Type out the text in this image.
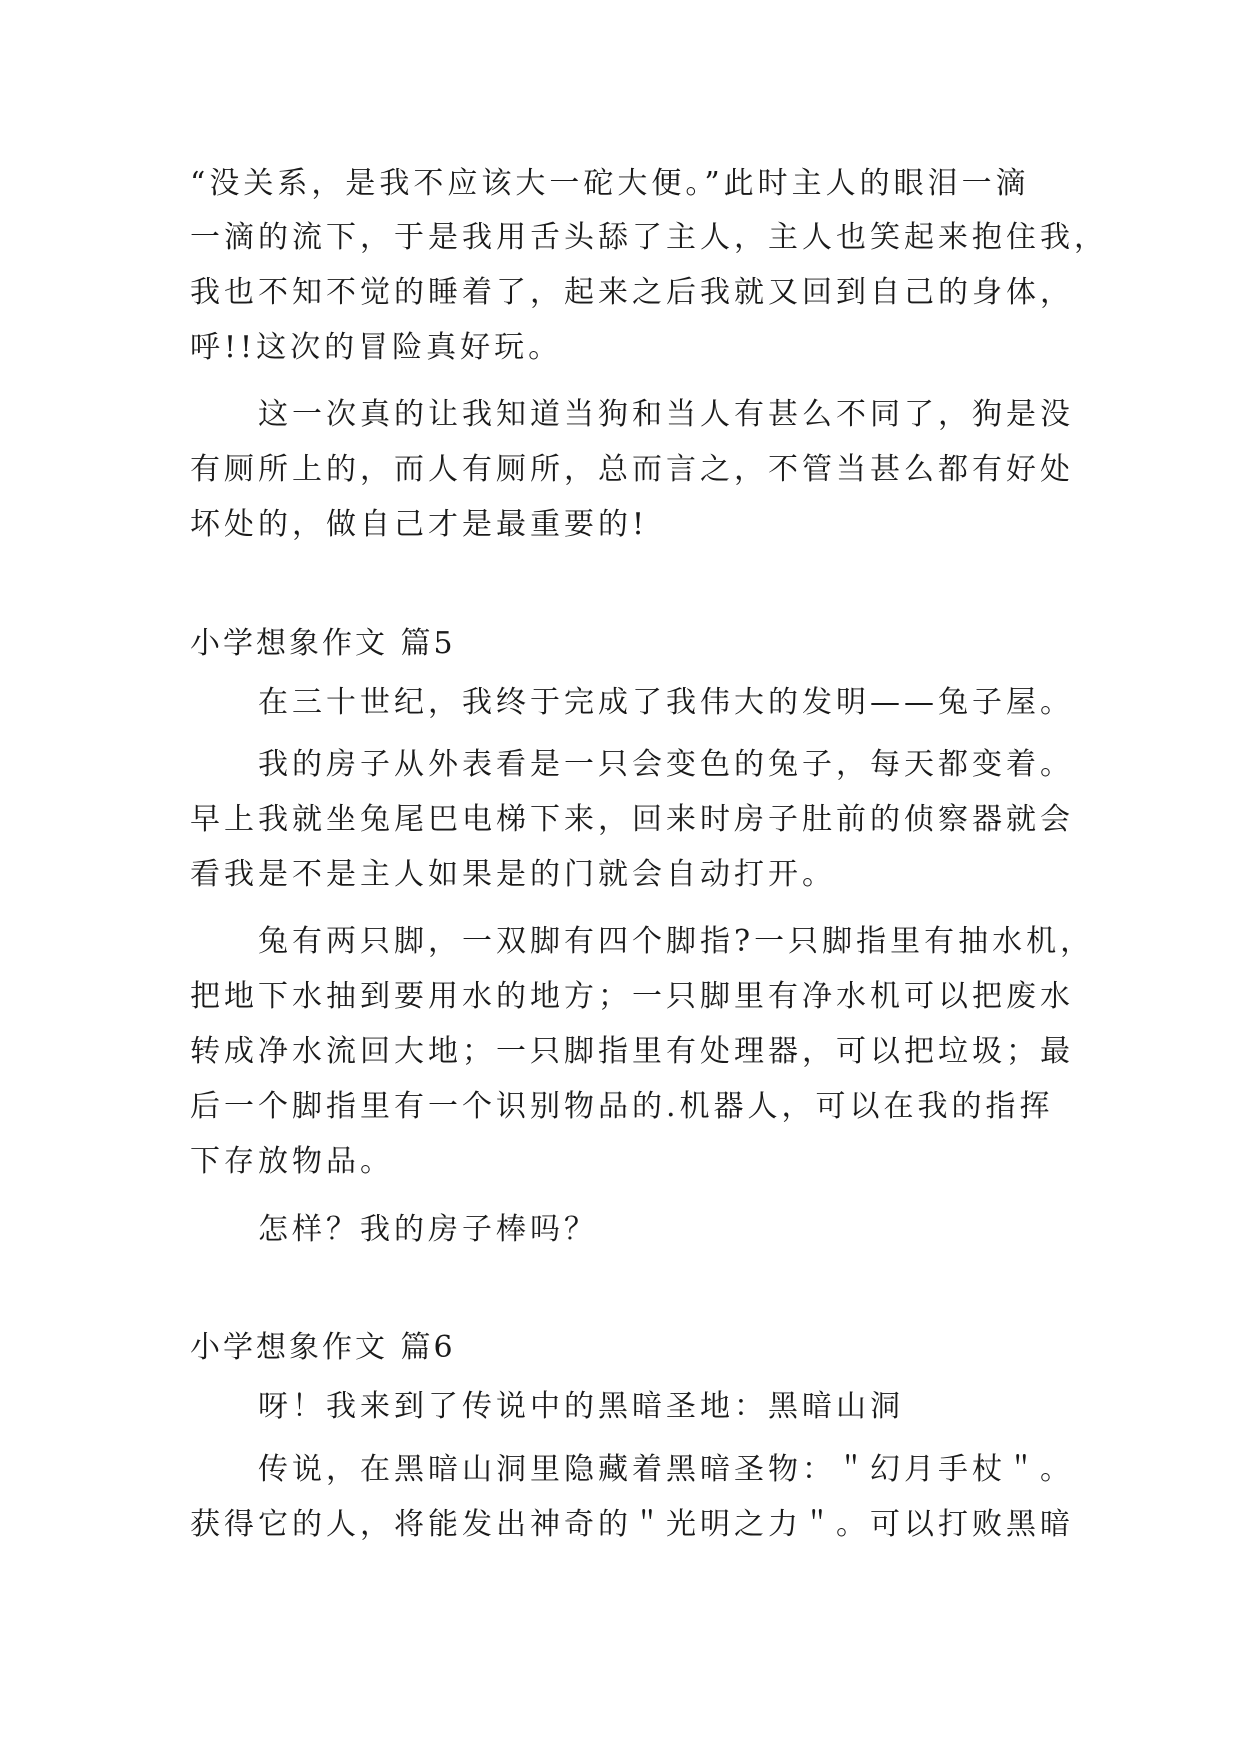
“没关系，是我不应该大一砣大便。”此时主人的眼泪一滴
一滴的流下，于是我用舌头舔了主人，主人也笑起来抱住我，
我也不知不觉的睡着了，起来之后我就又回到自己的身体，
呼!!这次的冒险真好玩。
这一次真的让我知道当狗和当人有甚么不同了，狗是没
有厕所上的，而人有厕所，总而言之，不管当甚么都有好处
坏处的，做自己才是最重要的!
小学想象作文 篇5
在三十世纪，我终于完成了我伟大的发明——兔子屋。
我的房子从外表看是一只会变色的兔子，每天都变着。
早上我就坐兔尾巴电梯下来，回来时房子肚前的侦察器就会
看我是不是主人如果是的门就会自动打开。
兔有两只脚，一双脚有四个脚指?一只脚指里有抽水机，
把地下水抽到要用水的地方；一只脚里有净水机可以把废水
转成净水流回大地；一只脚指里有处理器，可以把垃圾；最
后一个脚指里有一个识别物品的.机器人，可以在我的指挥
下存放物品。
怎样？我的房子棒吗？
小学想象作文 篇6
呀！我来到了传说中的黑暗圣地：黑暗山洞
传说，在黑暗山洞里隐藏着黑暗圣物：＂幻月手杖＂。
获得它的人，将能发出神奇的＂光明之力＂。可以打败黑暗
